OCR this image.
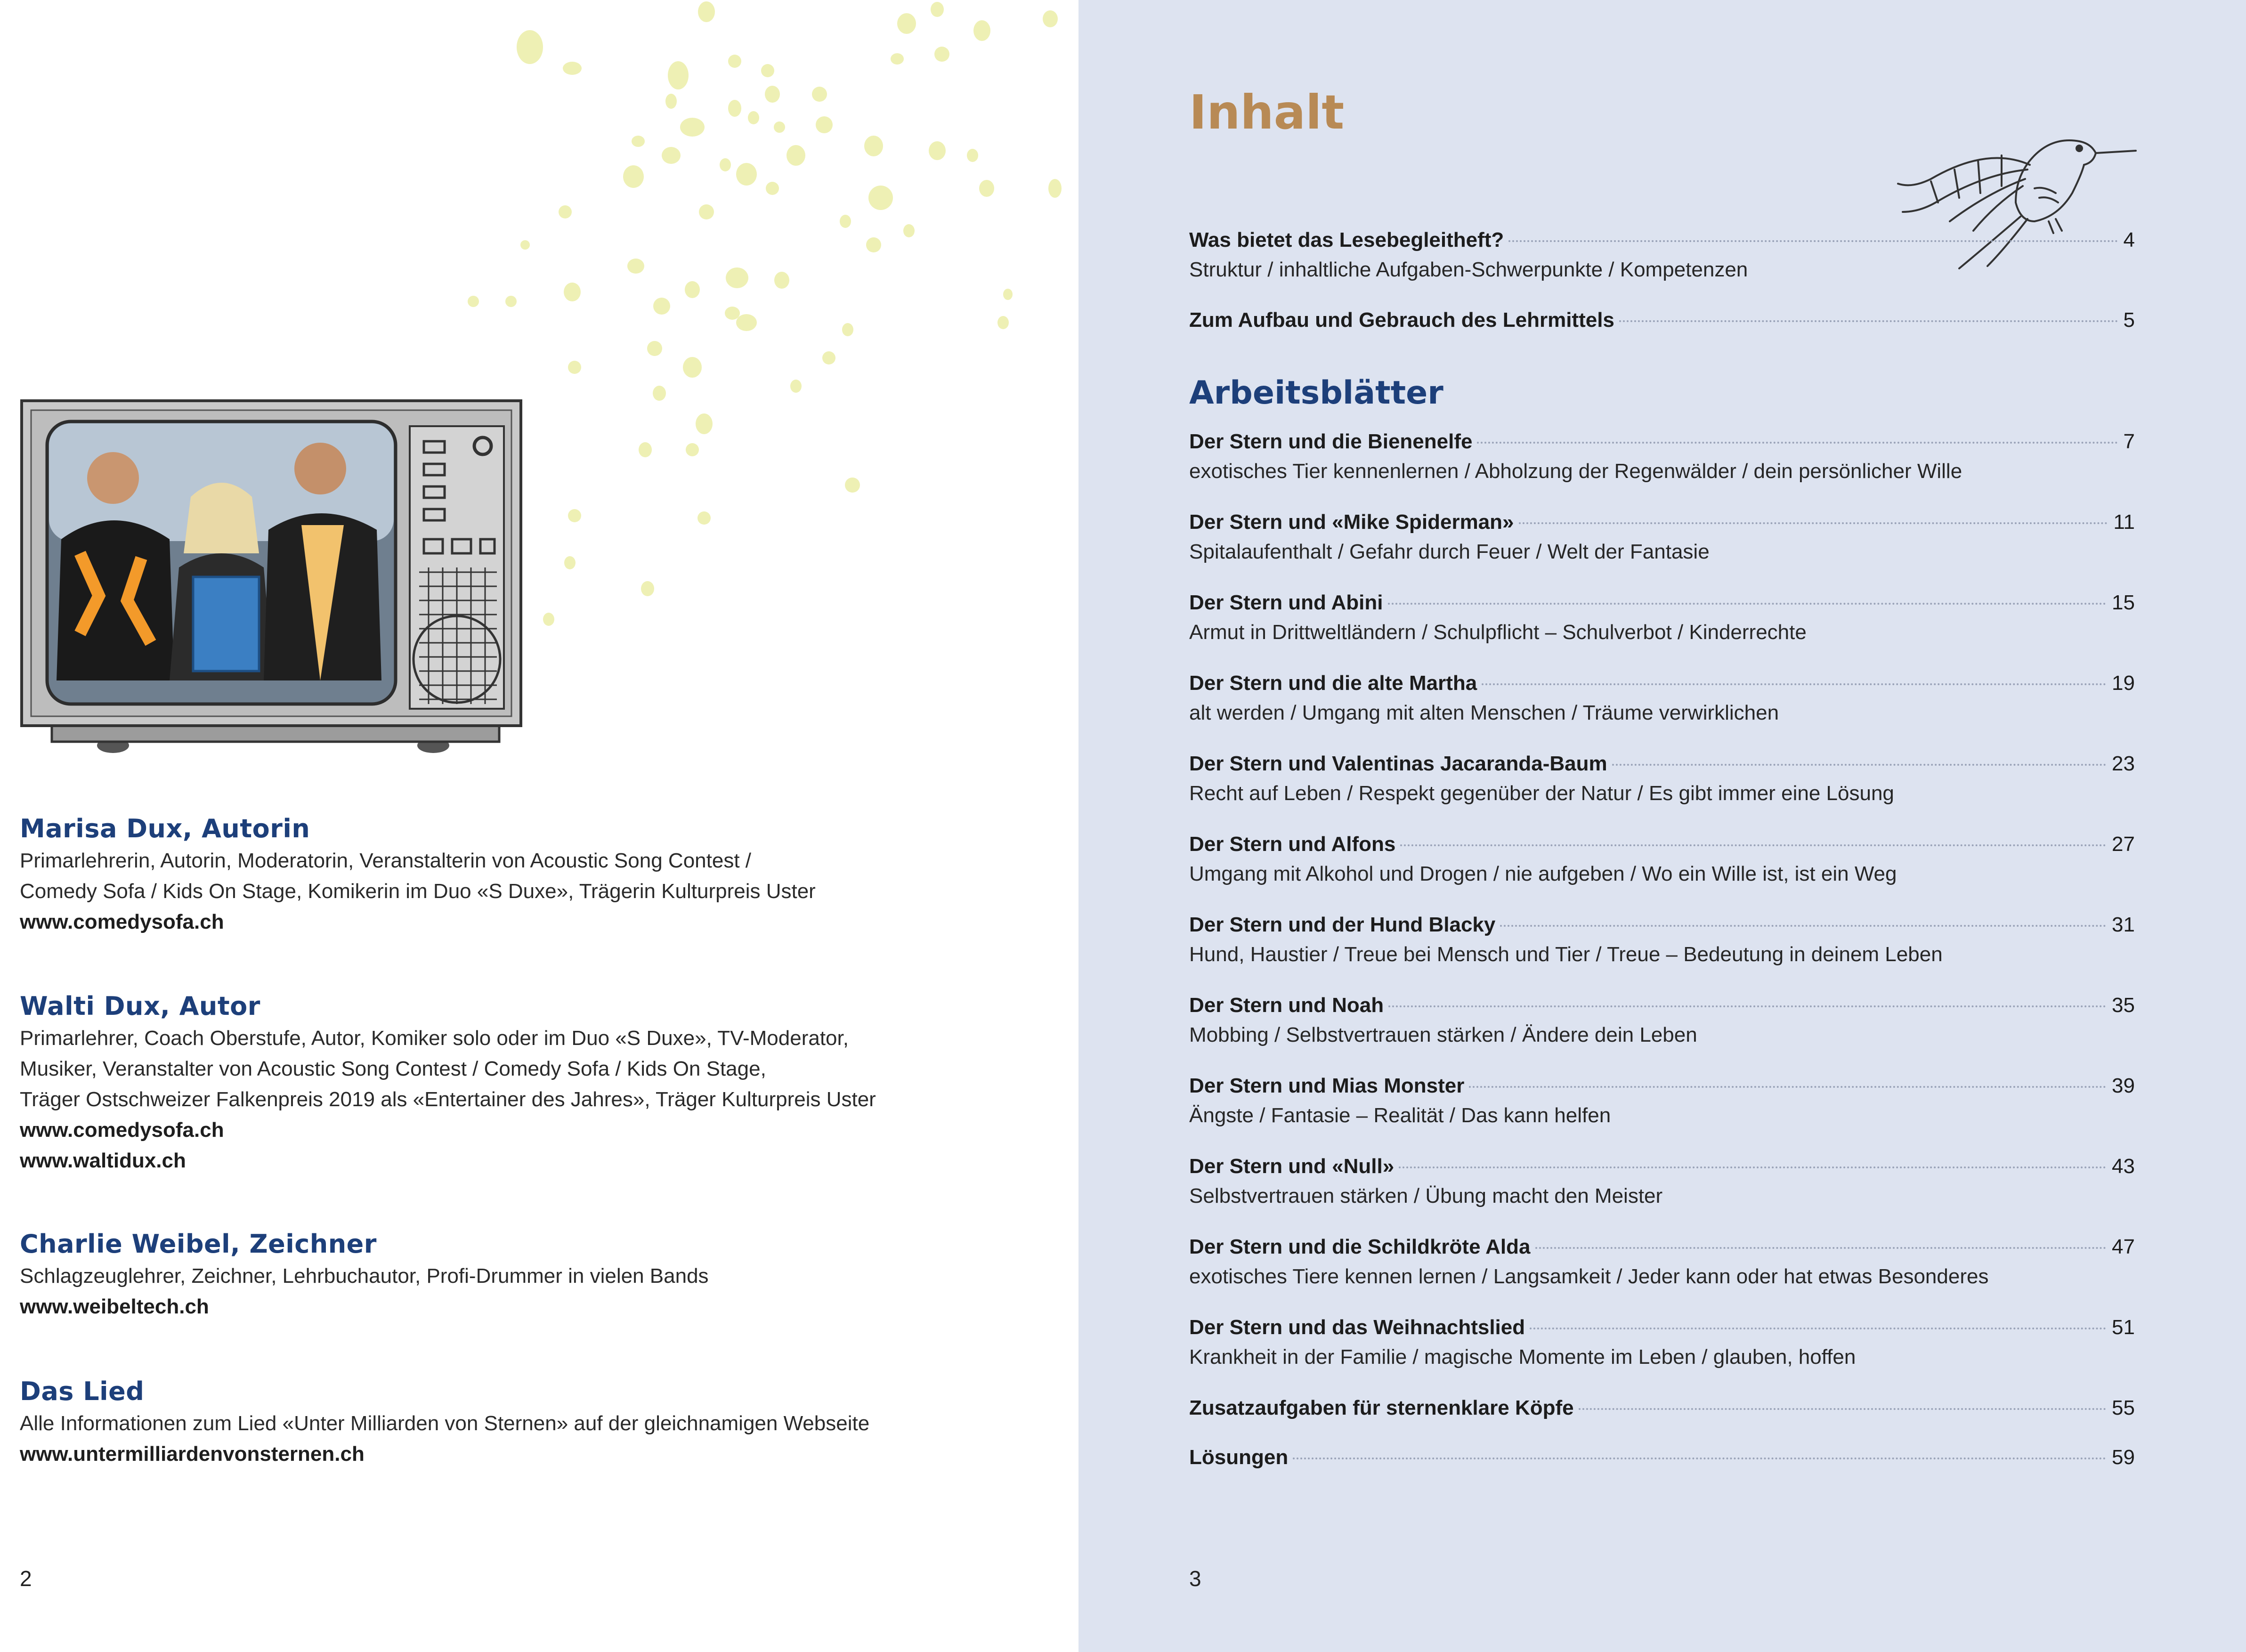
Marisa Dux, Autorin
Primarlehrerin, Autorin, Moderatorin, Veranstalterin von Acoustic Song Contest /
Comedy Sofa / Kids On Stage, Komikerin im Duo «S Duxe», Trägerin Kulturpreis Uster
www.comedysofa.ch
Walti Dux, Autor
Primarlehrer, Coach Oberstufe, Autor, Komiker solo oder im Duo «S Duxe», TV-Moderator,
Musiker, Veranstalter von Acoustic Song Contest / Comedy Sofa / Kids On Stage,
Träger Ostschweizer Falkenpreis 2019 als «Entertainer des Jahres», Träger Kulturpreis Uster
www.comedysofa.ch
www.waltidux.ch
Charlie Weibel, Zeichner
Schlagzeuglehrer, Zeichner, Lehrbuchautor, Profi-Drummer in vielen Bands
www.weibeltech.ch
Das Lied
Alle Informationen zum Lied «Unter Milliarden von Sternen» auf der gleichnamigen Webseite
www.untermilliardenvonsternen.ch
2
Inhalt
Was bietet das Lesebegleitheft?	4
Struktur / inhaltliche Aufgaben-Schwerpunkte / Kompetenzen
Zum Aufbau und Gebrauch des Lehrmittels	5
Arbeitsblätter
Der Stern und die Bienenelfe	7
exotisches Tier kennenlernen / Abholzung der Regenwälder / dein persönlicher Wille
Der Stern und «Mike Spiderman»	11
Spitalaufenthalt / Gefahr durch Feuer / Welt der Fantasie
Der Stern und Abini	15
Armut in Drittweltländern / Schulpflicht – Schulverbot / Kinderrechte
Der Stern und die alte Martha	19
alt werden / Umgang mit alten Menschen / Träume verwirklichen
Der Stern und Valentinas Jacaranda-Baum	23
Recht auf Leben / Respekt gegenüber der Natur / Es gibt immer eine Lösung
Der Stern und Alfons	27
Umgang mit Alkohol und Drogen / nie aufgeben / Wo ein Wille ist, ist ein Weg
Der Stern und der Hund Blacky	31
Hund, Haustier / Treue bei Mensch und Tier / Treue – Bedeutung in deinem Leben
Der Stern und Noah	35
Mobbing / Selbstvertrauen stärken / Ändere dein Leben
Der Stern und Mias Monster	39
Ängste / Fantasie – Realität / Das kann helfen
Der Stern und «Null»	43
Selbstvertrauen stärken / Übung macht den Meister
Der Stern und die Schildkröte Alda	47
exotisches Tiere kennen lernen / Langsamkeit / Jeder kann oder hat etwas Besonderes
Der Stern und das Weihnachtslied	51
Krankheit in der Familie / magische Momente im Leben / glauben, hoffen
Zusatzaufgaben für sternenklare Köpfe	55
Lösungen	59
3
